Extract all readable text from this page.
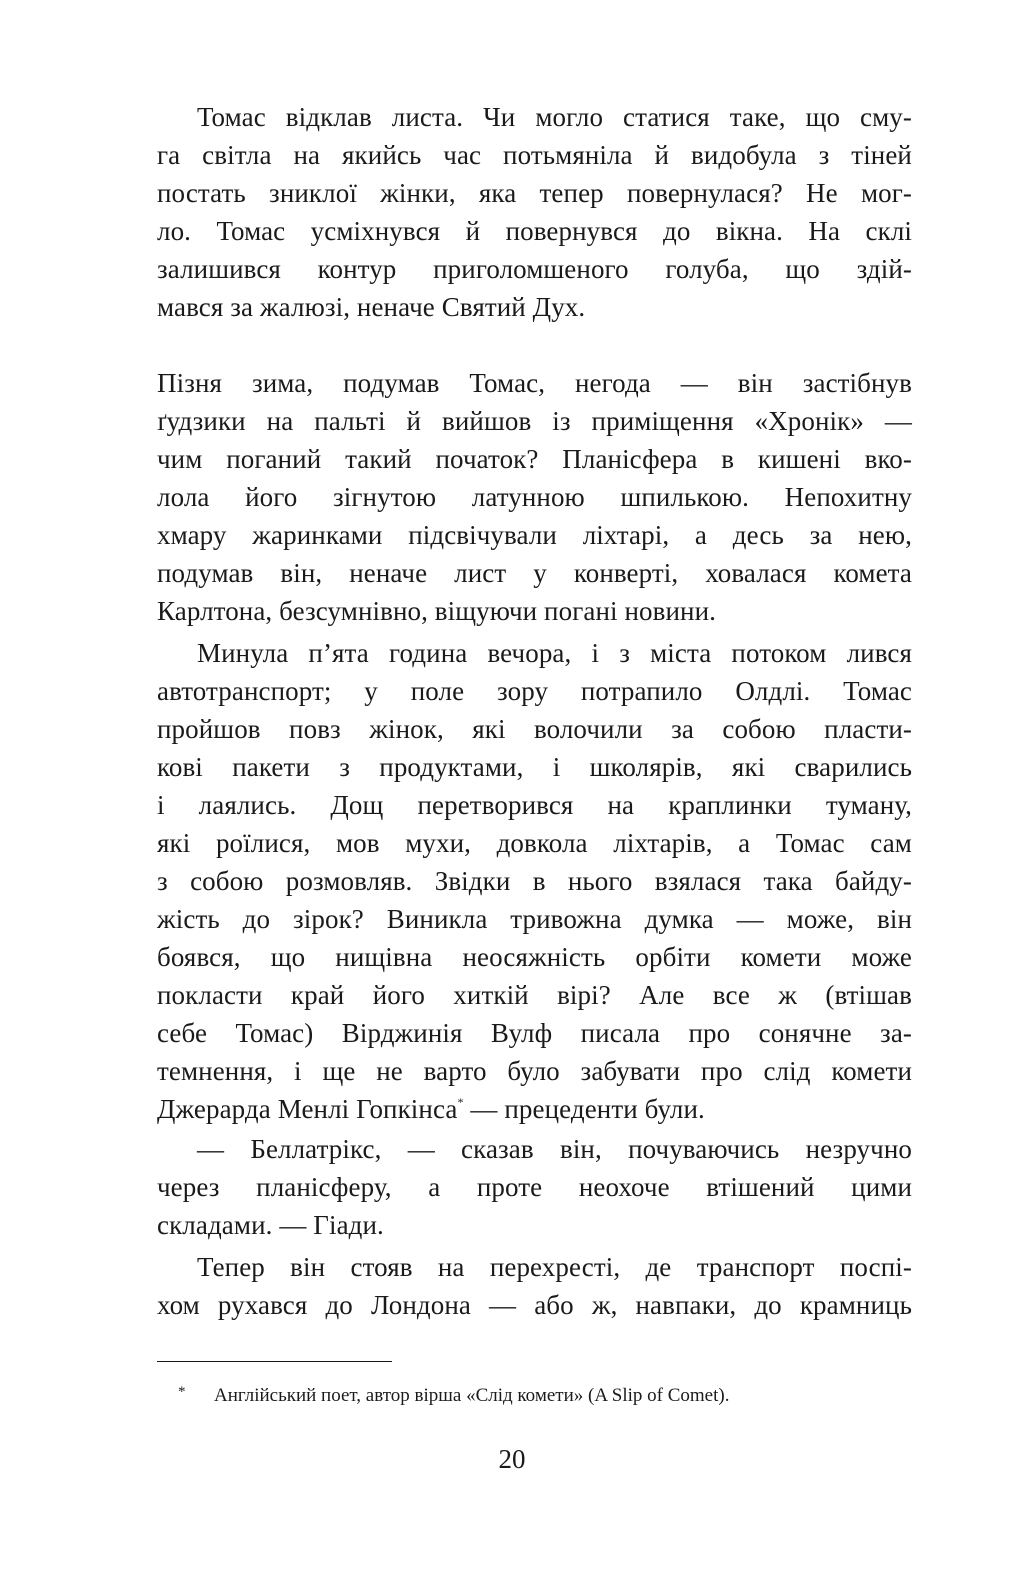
Томас відклав листа. Чи могло статися таке, що сму-
га світла на якийсь час потьмяніла й видобула з тіней
постать зниклої жінки, яка тепер повернулася? Не мог-
ло. Томас усміхнувся й повернувся до вікна. На склі
залишився контур приголомшеного голуба, що здій-
мався за жалюзі, неначе Святий Дух.
Пізня зима, подумав Томас, негода — він застібнув
ґудзики на пальті й вийшов із приміщення «Хронік» —
чим поганий такий початок? Планісфера в кишені вко-
лола його зігнутою латунною шпилькою. Непохитну
хмару жаринками підсвічували ліхтарі, а десь за нею,
подумав він, неначе лист у конверті, ховалася комета
Карлтона, безсумнівно, віщуючи погані новини.
Минула п’ята година вечора, і з міста потоком лився
автотранспорт; у поле зору потрапило Олдлі. Томас
пройшов повз жінок, які волочили за собою пласти-
кові пакети з продуктами, і школярів, які сварились
і лаялись. Дощ перетворився на краплинки туману,
які роїлися, мов мухи, довкола ліхтарів, а Томас сам
з собою розмовляв. Звідки в нього взялася така байду-
жість до зірок? Виникла тривожна думка — може, він
боявся, що нищівна неосяжність орбіти комети може
покласти край його хиткій вірі? Але все ж (втішав
себе Томас) Вірджинія Вулф писала про сонячне за-
темнення, і ще не варто було забувати про слід комети
Джерарда Менлі Гопкінса* — прецеденти були.
— Беллатрікс, — сказав він, почуваючись незручно
через планісферу, а проте неохоче втішений цими
складами. — Гіади.
Тепер він стояв на перехресті, де транспорт поспі-
хом рухався до Лондона — або ж, навпаки, до крамниць
* Англійський поет, автор вірша «Слід комети» (A Slip of Comet).
20
